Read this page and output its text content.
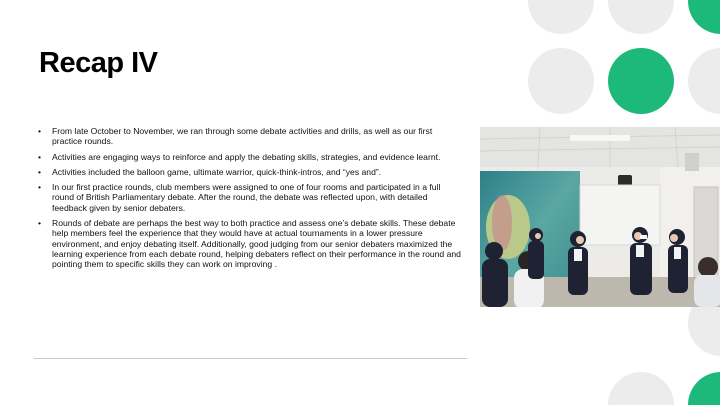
Recap IV
• From late October to November, we ran through some debate activities and drills, as well as our first practice rounds.
• Activities are engaging ways to reinforce and apply the debating skills, strategies, and evidence learnt.
• Activities included the balloon game, ultimate warrior, quick-think-intros, and “yes and”.
• In our first practice rounds, club members were assigned to one of four rooms and participated in a full round of British Parliamentary debate. After the round, the debate was reflected upon, with detailed feedback given by senior debaters.
• Rounds of debate are perhaps the best way to both practice and assess one’s debate skills. These debate help members feel the experience that they would have at actual tournaments in a lower pressure environment, and enjoy debating itself. Additionally, good judging from our senior debaters maximized the learning experience from each debate round, helping debaters reflect on their performance in the round and pointing them to specific skills they can work on improving .
